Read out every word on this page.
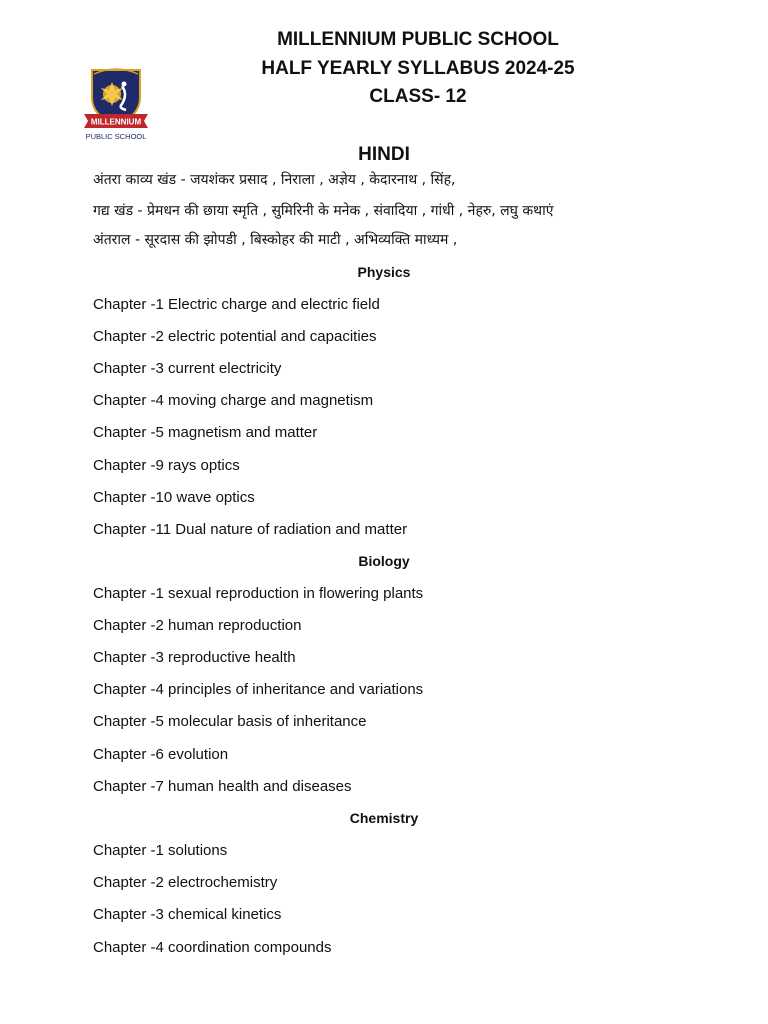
MILLENNIUM
PUBLIC SCHOOL
MILLENNIUM PUBLIC SCHOOL
HALF YEARLY SYLLABUS 2024-25
CLASS- 12
HINDI
अंतरा काव्य खंड - जयशंकर प्रसाद , निराला , अज्ञेय , केदारनाथ , सिंह,
गद्य खंड - प्रेमधन की छाया स्मृति , सुमिरिनी के मनेक , संवादिया , गांधी , नेहरु, लघु कथाएं
अंतराल - सूरदास की झोपडी , बिस्कोहर की माटी , अभिव्यक्ति माध्यम ,
Physics
Chapter -1 Electric charge and electric field
Chapter -2 electric potential and capacities
Chapter -3 current electricity
Chapter -4 moving charge and magnetism
Chapter -5 magnetism and matter
Chapter -9 rays optics
Chapter -10 wave optics
Chapter -11 Dual nature of radiation and matter
Biology
Chapter -1 sexual reproduction in flowering plants
Chapter -2 human reproduction
Chapter -3 reproductive health
Chapter -4 principles of inheritance and variations
Chapter -5 molecular basis of inheritance
Chapter -6 evolution
Chapter -7 human health and diseases
Chemistry
Chapter -1 solutions
Chapter -2 electrochemistry
Chapter -3 chemical kinetics
Chapter -4 coordination compounds
